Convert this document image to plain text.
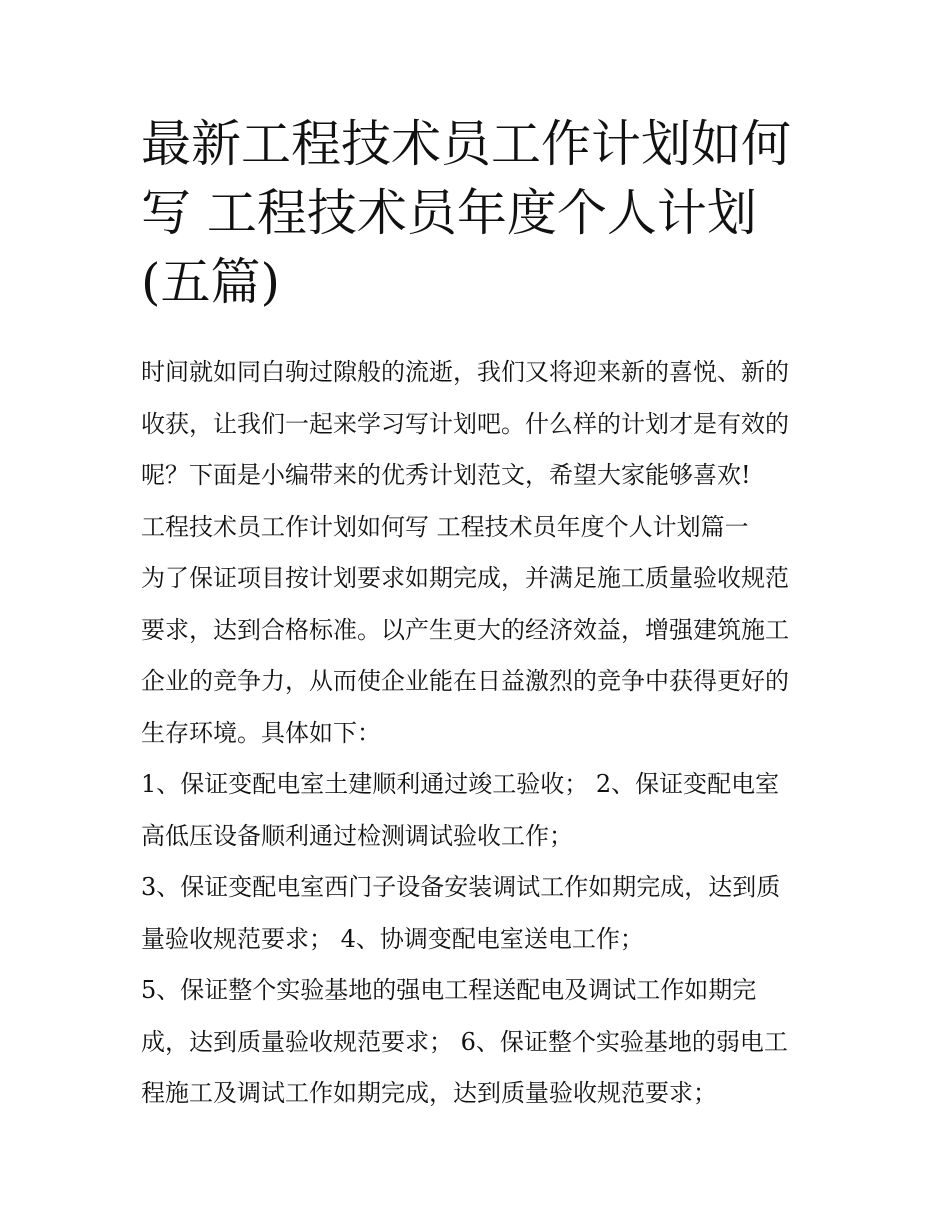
最新工程技术员工作计划如何
写 工程技术员年度个人计划
(五篇)
时间就如同白驹过隙般的流逝，我们又将迎来新的喜悦、新的
收获，让我们一起来学习写计划吧。什么样的计划才是有效的
呢？下面是小编带来的优秀计划范文，希望大家能够喜欢!
工程技术员工作计划如何写 工程技术员年度个人计划篇一
为了保证项目按计划要求如期完成，并满足施工质量验收规范
要求，达到合格标准。以产生更大的经济效益，增强建筑施工
企业的竞争力，从而使企业能在日益激烈的竞争中获得更好的
生存环境。具体如下：
1、保证变配电室土建顺利通过竣工验收； 2、保证变配电室
高低压设备顺利通过检测调试验收工作；
3、保证变配电室西门子设备安装调试工作如期完成，达到质
量验收规范要求； 4、协调变配电室送电工作；
5、保证整个实验基地的强电工程送配电及调试工作如期完
成，达到质量验收规范要求； 6、保证整个实验基地的弱电工
程施工及调试工作如期完成，达到质量验收规范要求；
